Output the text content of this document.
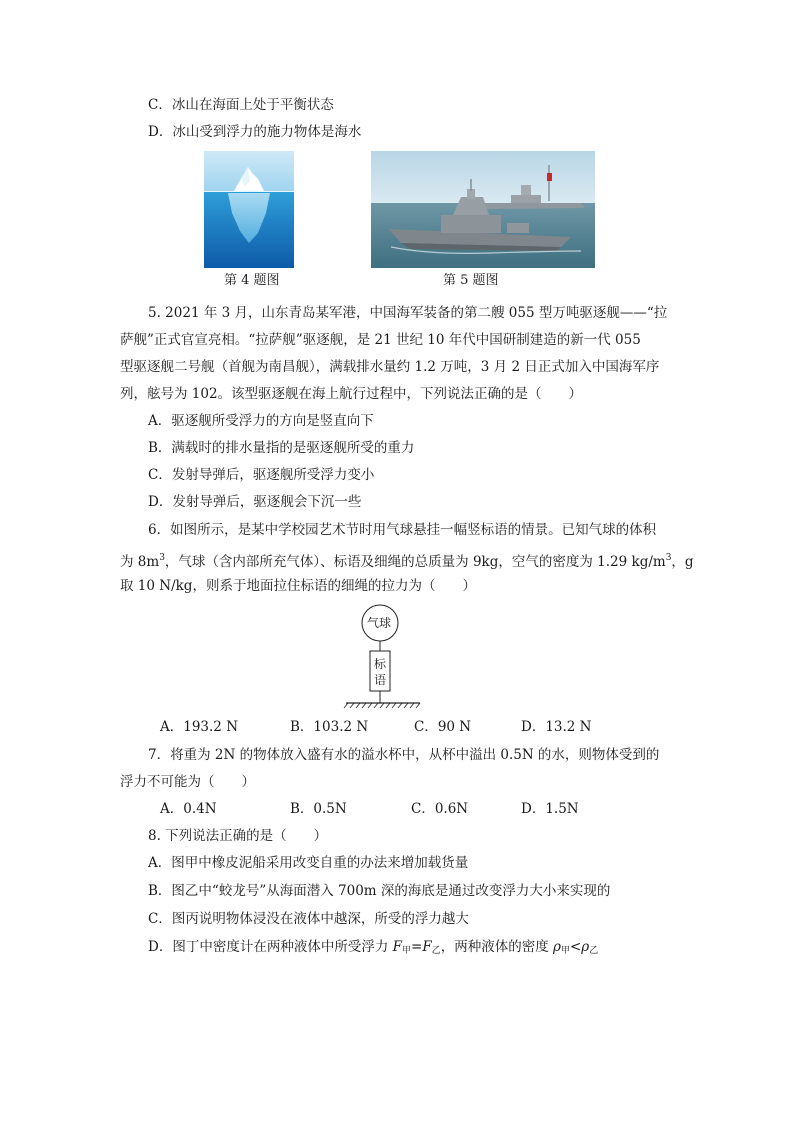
C．冰山在海面上处于平衡状态
D．冰山受到浮力的施力物体是海水
第 4 题图	第 5 题图
5. 2021 年 3 月，山东青岛某军港，中国海军装备的第二艘 055 型万吨驱逐舰——“拉
萨舰”正式官宣亮相。“拉萨舰”驱逐舰，是 21 世纪 10 年代中国研制建造的新一代 055
型驱逐舰二号舰（首舰为南昌舰），满载排水量约 1.2 万吨，3 月 2 日正式加入中国海军序
列，舷号为 102。该型驱逐舰在海上航行过程中，下列说法正确的是（　　）
A．驱逐舰所受浮力的方向是竖直向下
B．满载时的排水量指的是驱逐舰所受的重力
C．发射导弹后，驱逐舰所受浮力变小
D．发射导弹后，驱逐舰会下沉一些
6．如图所示，是某中学校园艺术节时用气球悬挂一幅竖标语的情景。已知气球的体积
为 $8m^3$，气球（含内部所充气体）、标语及细绳的总质量为 9kg，空气的密度为 1.29 $kg/m^3$，g
取 10 N/kg，则系于地面拉住标语的细绳的拉力为（　　）
气球
标
语
A．193.2 N	B．103.2 N	C．90 N	D．13.2 N
7．将重为 2N 的物体放入盛有水的溢水杯中，从杯中溢出 0.5N 的水，则物体受到的
浮力不可能为（　　）
A．0.4N	B．0.5N	C．0.6N	D．1.5N
8. 下列说法正确的是（　　）
A．图甲中橡皮泥船采用改变自重的办法来增加载货量
B．图乙中“蛟龙号”从海面潜入 700m 深的海底是通过改变浮力大小来实现的
C．图丙说明物体浸没在液体中越深，所受的浮力越大
D．图丁中密度计在两种液体中所受浮力 $F_甲=F_乙$，两种液体的密度 $\rho_甲<\rho_乙$
